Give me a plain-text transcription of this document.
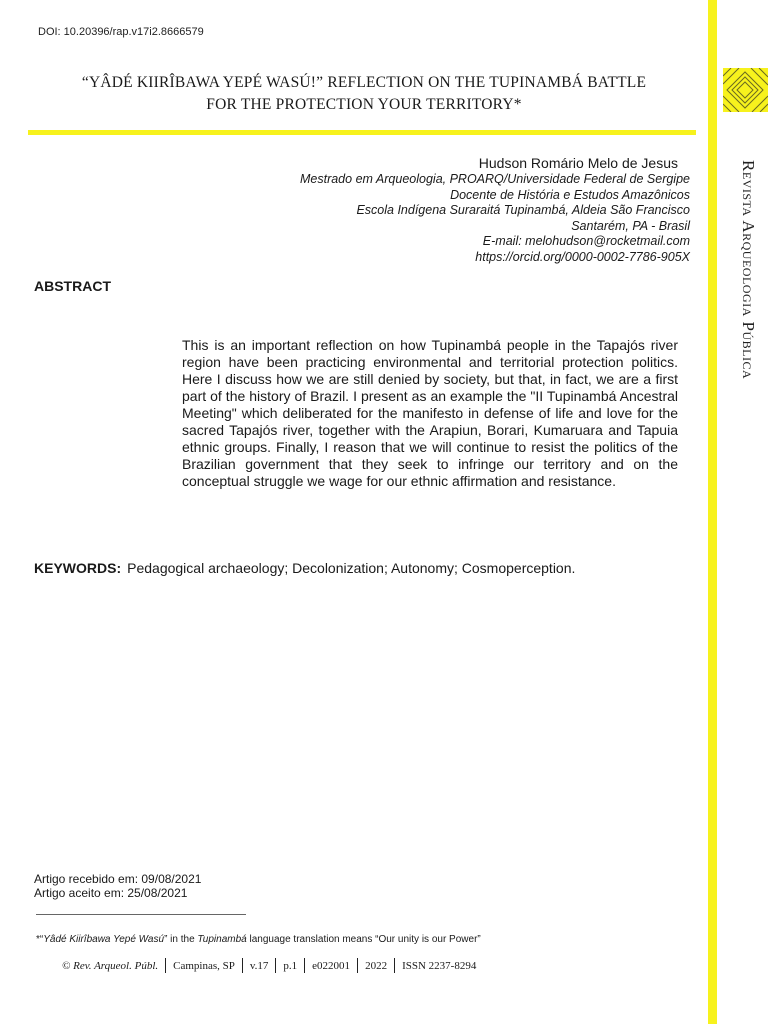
DOI: 10.20396/rap.v17i2.8666579
“YÂDÉ KIIRÎBAWA YEPÉ WASÚ!” REFLECTION ON THE TUPINAMBÁ BATTLE
FOR THE PROTECTION YOUR TERRITORY*
Revista Arqueologia Pública
Hudson Romário Melo de Jesus
Mestrado em Arqueologia, PROARQ/Universidade Federal de Sergipe
Docente de História e Estudos Amazônicos
Escola Indígena Suraraitá Tupinambá, Aldeia São Francisco
Santarém, PA - Brasil
E-mail: melohudson@rocketmail.com
https://orcid.org/0000-0002-7786-905X
ABSTRACT
This is an important reflection on how Tupinambá people in the Tapajós river region have been practicing environmental and territorial protection politics. Here I discuss how we are still denied by society, but that, in fact, we are a first part of the history of Brazil. I present as an example the "II Tupinambá Ancestral Meeting" which deliberated for the manifesto in defense of life and love for the sacred Tapajós river, together with the Arapiun, Borari, Kumaruara and Tapuia ethnic groups. Finally, I reason that we will continue to resist the politics of the Brazilian government that they seek to infringe our territory and on the conceptual struggle we wage for our ethnic affirmation and resistance.
KEYWORDS: Pedagogical archaeology; Decolonization; Autonomy; Cosmoperception.
Artigo recebido em: 09/08/2021
Artigo aceito em: 25/08/2021
*“Yâdé Kiirîbawa Yepé Wasú” in the Tupinambá language translation means “Our unity is our Power”
© Rev. Arqueol. Públ. Campinas, SP v.17 p.1 e022001 2022 ISSN 2237-8294
